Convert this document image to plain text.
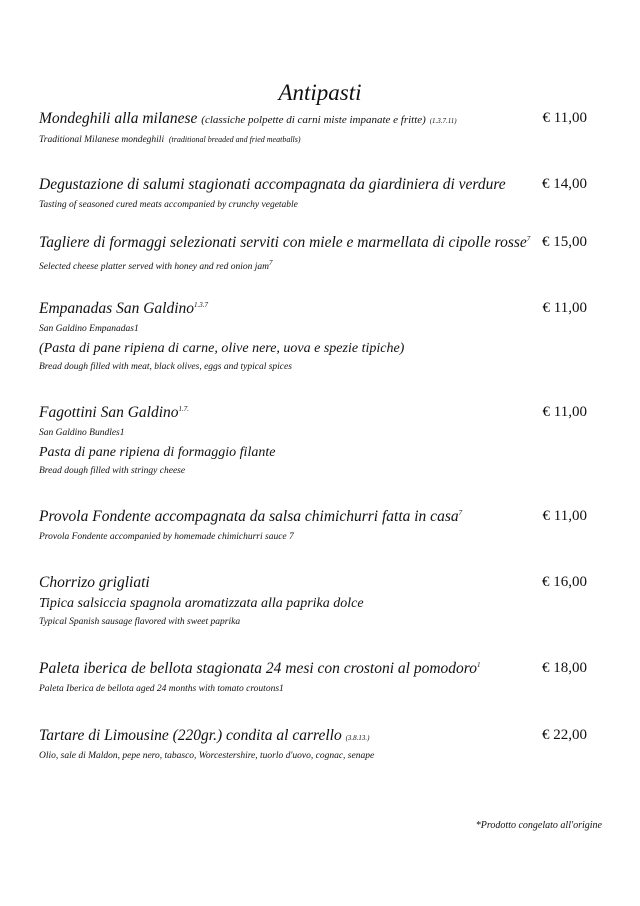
Antipasti
Mondeghili alla milanese (classiche polpette di carni miste impanate e fritte) (1.3.7.11)	€ 11,00
Traditional Milanese mondeghili (traditional breaded and fried meatballs)
Degustazione di salumi stagionati accompagnata da giardiniera di verdure € 14,00
Tasting of seasoned cured meats accompanied by crunchy vegetable
Tagliere di formaggi selezionati serviti con miele e marmellata di cipolle rosse$^7$ € 15,00
Selected cheese platter served with honey and red onion jam$^7$
Empanadas San Galdino$^{1.3.7}$	€ 11,00
San Galdino Empanadas1
(Pasta di pane ripiena di carne, olive nere, uova e spezie tipiche)
Bread dough filled with meat, black olives, eggs and typical spices
Fagottini San Galdino$^{1.7.}$	€ 11,00
San Galdino Bundles1
Pasta di pane ripiena di formaggio filante
Bread dough filled with stringy cheese
Provola Fondente accompagnata da salsa chimichurri fatta in casa$^7$	€ 11,00
Provola Fondente accompanied by homemade chimichurri sauce 7
Chorrizo grigliati	€ 16,00
Tipica salsiccia spagnola aromatizzata alla paprika dolce
Typical Spanish sausage flavored with sweet paprika
Paleta iberica de bellota stagionata 24 mesi con crostoni al pomodoro$^1$	€ 18,00
Paleta Iberica de bellota aged 24 months with tomato croutons1
Tartare di Limousine (220gr.) condita al carrello (3.8.13.)	€ 22,00
Olio, sale di Maldon, pepe nero, tabasco, Worcestershire, tuorlo d'uovo, cognac, senape
*Prodotto congelato all'origine
